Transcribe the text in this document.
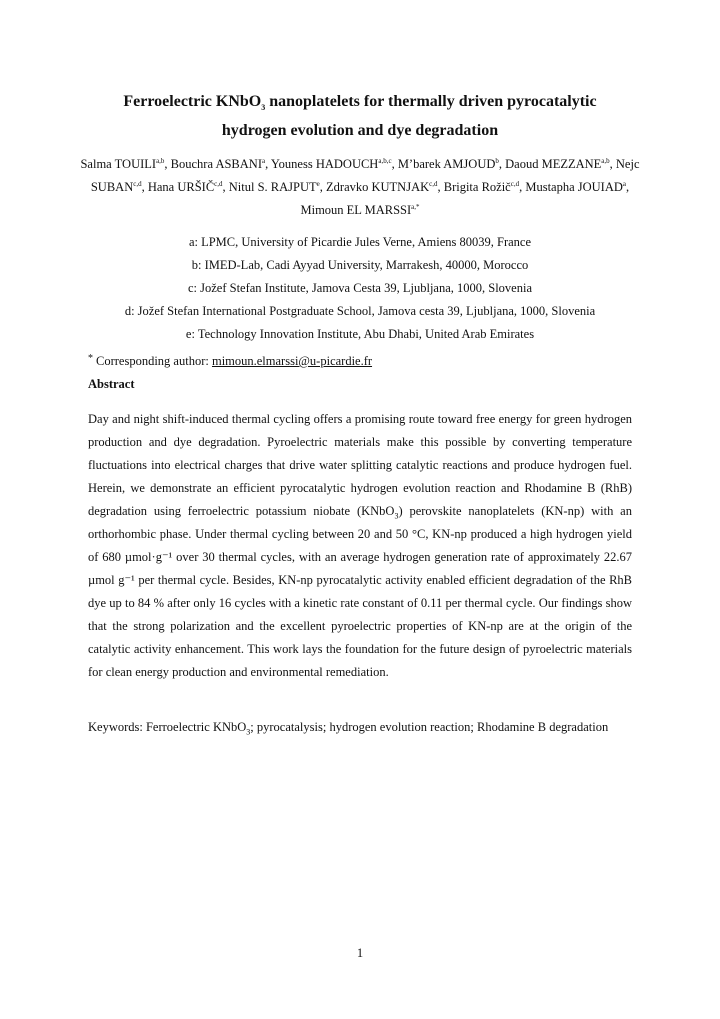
Ferroelectric KNbO$_3$ nanoplatelets for thermally driven pyrocatalytic
hydrogen evolution and dye degradation
Salma TOUILI$^{a,b}$, Bouchra ASBANI$^a$, Youness HADOUCH$^{a,b,c}$, M’barek AMJOUD$^b$, Daoud MEZZANE$^{a,b}$, Nejc SUBAN$^{c,d}$, Hana URŠIČ$^{c,d}$, Nitul S. RAJPUT$^e$, Zdravko KUTNJAK$^{c,d}$, Brigita Rožič$^{c,d}$, Mustapha JOUIAD$^a$, Mimoun EL $MARSSI^{a,*}$
a: LPMC, University of Picardie Jules Verne, Amiens 80039, France
b: IMED-Lab, Cadi Ayyad University, Marrakesh, 40000, Morocco
c: Jožef Stefan Institute, Jamova Cesta 39, Ljubljana, 1000, Slovenia
d: Jožef Stefan International Postgraduate School, Jamova cesta 39, Ljubljana, 1000, Slovenia
e: Technology Innovation Institute, Abu Dhabi, United Arab Emirates
* Corresponding author: mimoun.elmarssi@u-picardie.fr
Abstract

Day and night shift-induced thermal cycling offers a promising route toward free energy for green hydrogen production and dye degradation. Pyroelectric materials make this possible by converting temperature fluctuations into electrical charges that drive water splitting catalytic reactions and produce hydrogen fuel. Herein, we demonstrate an efficient pyrocatalytic hydrogen evolution reaction and Rhodamine B (RhB) degradation using ferroelectric potassium niobate (KNbO$_3$) perovskite nanoplatelets (KN-np) with an orthorhombic phase. Under thermal cycling between 20 and 50 °C, KN-np produced a high hydrogen yield of 680 µmol·g⁻¹ over 30 thermal cycles, with an average hydrogen generation rate of approximately 22.67 µmol g⁻¹ per thermal cycle. Besides, KN-np pyrocatalytic activity enabled efficient degradation of the RhB dye up to 84 % after only 16 cycles with a kinetic rate constant of 0.11 per thermal cycle. Our findings show that the strong polarization and the excellent pyroelectric properties of KN-np are at the origin of the catalytic activity enhancement. This work lays the foundation for the future design of pyroelectric materials for clean energy production and environmental remediation.

Keywords: Ferroelectric KNbO$_3$; pyrocatalysis; hydrogen evolution reaction; Rhodamine B degradation

1
